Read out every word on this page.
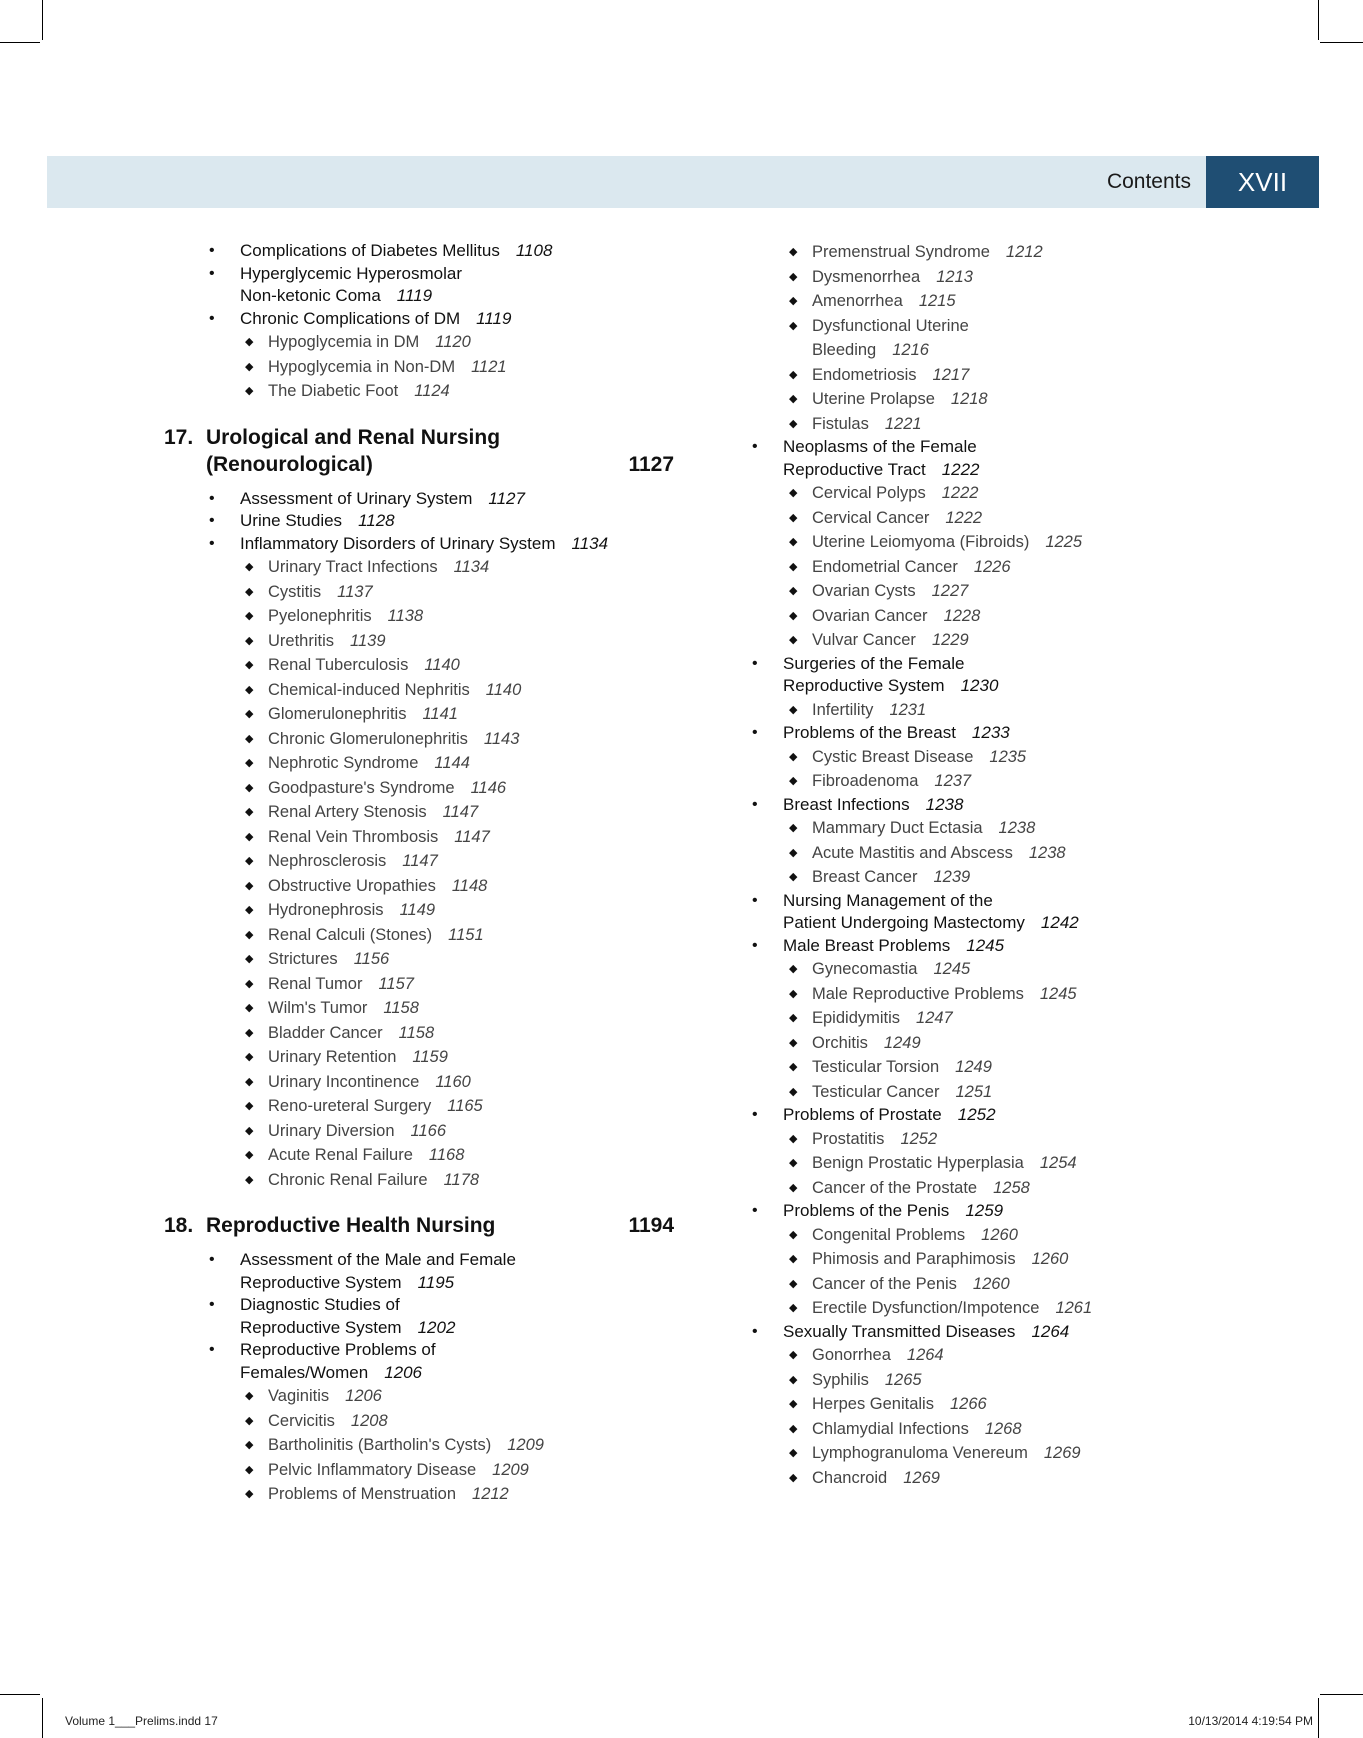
Contents XVII
• Complications of Diabetes Mellitus 1108
• Hyperglycemic Hyperosmolar
Non-ketonic Coma 1119
• Chronic Complications of DM 1119
◆ Hypoglycemia in DM 1120
◆ Hypoglycemia in Non-DM 1121
◆ The Diabetic Foot 1124
17. Urological and Renal Nursing
(Renourological)	1127
• Assessment of Urinary System 1127
• Urine Studies 1128
• Inflammatory Disorders of Urinary System 1134
◆ Urinary Tract Infections 1134
◆ Cystitis 1137
◆ Pyelonephritis 1138
◆ Urethritis 1139
◆ Renal Tuberculosis 1140
◆ Chemical-induced Nephritis 1140
◆ Glomerulonephritis 1141
◆ Chronic Glomerulonephritis 1143
◆ Nephrotic Syndrome 1144
◆ Goodpasture's Syndrome 1146
◆ Renal Artery Stenosis 1147
◆ Renal Vein Thrombosis 1147
◆ Nephrosclerosis 1147
◆ Obstructive Uropathies 1148
◆ Hydronephrosis 1149
◆ Renal Calculi (Stones) 1151
◆ Strictures 1156
◆ Renal Tumor 1157
◆ Wilm's Tumor 1158
◆ Bladder Cancer 1158
◆ Urinary Retention 1159
◆ Urinary Incontinence 1160
◆ Reno-ureteral Surgery 1165
◆ Urinary Diversion 1166
◆ Acute Renal Failure 1168
◆ Chronic Renal Failure 1178
18. Reproductive Health Nursing	1194
• Assessment of the Male and Female
Reproductive System 1195
• Diagnostic Studies of
Reproductive System 1202
• Reproductive Problems of
Females/Women 1206
◆ Vaginitis 1206
◆ Cervicitis 1208
◆ Bartholinitis (Bartholin's Cysts) 1209
◆ Pelvic Inflammatory Disease 1209
◆ Problems of Menstruation 1212
◆ Premenstrual Syndrome 1212
◆ Dysmenorrhea 1213
◆ Amenorrhea 1215
◆ Dysfunctional Uterine
Bleeding 1216
◆ Endometriosis 1217
◆ Uterine Prolapse 1218
◆ Fistulas 1221
• Neoplasms of the Female
Reproductive Tract 1222
◆ Cervical Polyps 1222
◆ Cervical Cancer 1222
◆ Uterine Leiomyoma (Fibroids) 1225
◆ Endometrial Cancer 1226
◆ Ovarian Cysts 1227
◆ Ovarian Cancer 1228
◆ Vulvar Cancer 1229
• Surgeries of the Female
Reproductive System 1230
◆ Infertility 1231
• Problems of the Breast 1233
◆ Cystic Breast Disease 1235
◆ Fibroadenoma 1237
• Breast Infections 1238
◆ Mammary Duct Ectasia 1238
◆ Acute Mastitis and Abscess 1238
◆ Breast Cancer 1239
• Nursing Management of the
Patient Undergoing Mastectomy 1242
• Male Breast Problems 1245
◆ Gynecomastia 1245
◆ Male Reproductive Problems 1245
◆ Epididymitis 1247
◆ Orchitis 1249
◆ Testicular Torsion 1249
◆ Testicular Cancer 1251
• Problems of Prostate 1252
◆ Prostatitis 1252
◆ Benign Prostatic Hyperplasia 1254
◆ Cancer of the Prostate 1258
• Problems of the Penis 1259
◆ Congenital Problems 1260
◆ Phimosis and Paraphimosis 1260
◆ Cancer of the Penis 1260
◆ Erectile Dysfunction/Impotence 1261
• Sexually Transmitted Diseases 1264
◆ Gonorrhea 1264
◆ Syphilis 1265
◆ Herpes Genitalis 1266
◆ Chlamydial Infections 1268
◆ Lymphogranuloma Venereum 1269
◆ Chancroid 1269
Volume 1___Prelims.indd 17	10/13/2014 4:19:54 PM
